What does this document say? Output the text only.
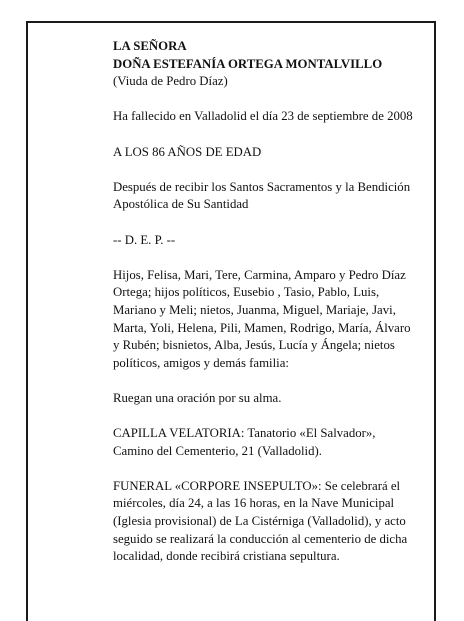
LA SEÑORA
DOÑA ESTEFANÍA ORTEGA MONTALVILLO
(Viuda de Pedro Díaz)

Ha fallecido en Valladolid el día 23 de septiembre de 2008

A LOS 86 AÑOS DE EDAD

Después de recibir los Santos Sacramentos y la Bendición Apostólica de Su Santidad

-- D. E. P. --

Hijos, Felisa, Mari, Tere, Carmina, Amparo y Pedro Díaz Ortega; hijos políticos, Eusebio , Tasio, Pablo, Luis, Mariano y Meli; nietos, Juanma, Miguel, Mariaje, Javi, Marta, Yoli, Helena, Pili, Mamen, Rodrigo, María, Álvaro y Rubén; bisnietos, Alba, Jesús, Lucía y Ángela; nietos políticos, amigos y demás familia:

Ruegan una oración por su alma.

CAPILLA VELATORIA: Tanatorio «El Salvador», Camino del Cementerio, 21 (Valladolid).

FUNERAL «CORPORE INSEPULTO»: Se celebrará el miércoles, día 24, a las 16 horas, en la Nave Municipal (Iglesia provisional) de La Cistérniga (Valladolid), y acto seguido se realizará la conducción al cementerio de dicha localidad, donde recibirá cristiana sepultura.
